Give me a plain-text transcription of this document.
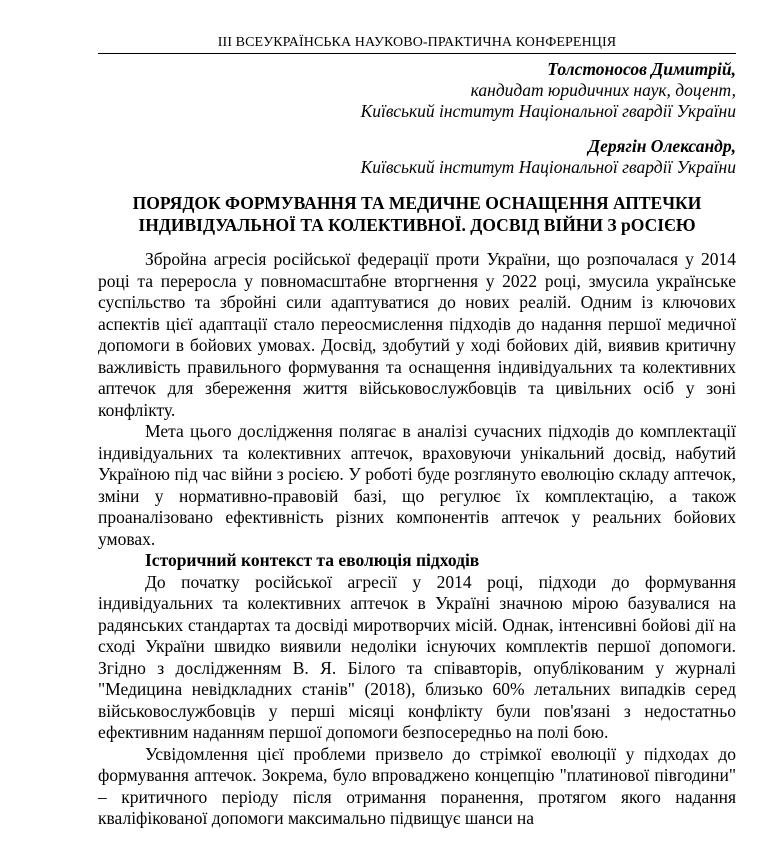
ІІІ ВСЕУКРАЇНСЬКА НАУКОВО-ПРАКТИЧНА КОНФЕРЕНЦІЯ
Толстоносов Димитрій,
кандидат юридичних наук, доцент,
Київський інститут Національної гвардії України
Дерягін Олександр,
Київський інститут Національної гвардії України
ПОРЯДОК ФОРМУВАННЯ ТА МЕДИЧНЕ ОСНАЩЕННЯ АПТЕЧКИ ІНДИВІДУАЛЬНОЇ ТА КОЛЕКТИВНОЇ. ДОСВІД ВІЙНИ З рОСІЄЮ

Збройна агресія російської федерації проти України, що розпочалася у 2014 році та переросла у повномасштабне вторгнення у 2022 році, змусила українське суспільство та збройні сили адаптуватися до нових реалій. Одним із ключових аспектів цієї адаптації стало переосмислення підходів до надання першої медичної допомоги в бойових умовах. Досвід, здобутий у ході бойових дій, виявив критичну важливість правильного формування та оснащення індивідуальних та колективних аптечок для збереження життя військовослужбовців та цивільних осіб у зоні конфлікту.

Мета цього дослідження полягає в аналізі сучасних підходів до комплектації індивідуальних та колективних аптечок, враховуючи унікальний досвід, набутий Україною під час війни з росією. У роботі буде розглянуто еволюцію складу аптечок, зміни у нормативно-правовій базі, що регулює їх комплектацію, а також проаналізовано ефективність різних компонентів аптечок у реальних бойових умовах.

Історичний контекст та еволюція підходів

До початку російської агресії у 2014 році, підходи до формування індивідуальних та колективних аптечок в Україні значною мірою базувалися на радянських стандартах та досвіді миротворчих місій. Однак, інтенсивні бойові дії на сході України швидко виявили недоліки існуючих комплектів першої допомоги. Згідно з дослідженням В. Я. Білого та співавторів, опублікованим у журналі "Медицина невідкладних станів" (2018), близько 60% летальних випадків серед військовослужбовців у перші місяці конфлікту були пов'язані з недостатньо ефективним наданням першої допомоги безпосередньо на полі бою.

Усвідомлення цієї проблеми призвело до стрімкої еволюції у підходах до формування аптечок. Зокрема, було впроваджено концепцію "платинової півгодини" – критичного періоду після отримання поранення, протягом якого надання кваліфікованої допомоги максимально підвищує шанси на
